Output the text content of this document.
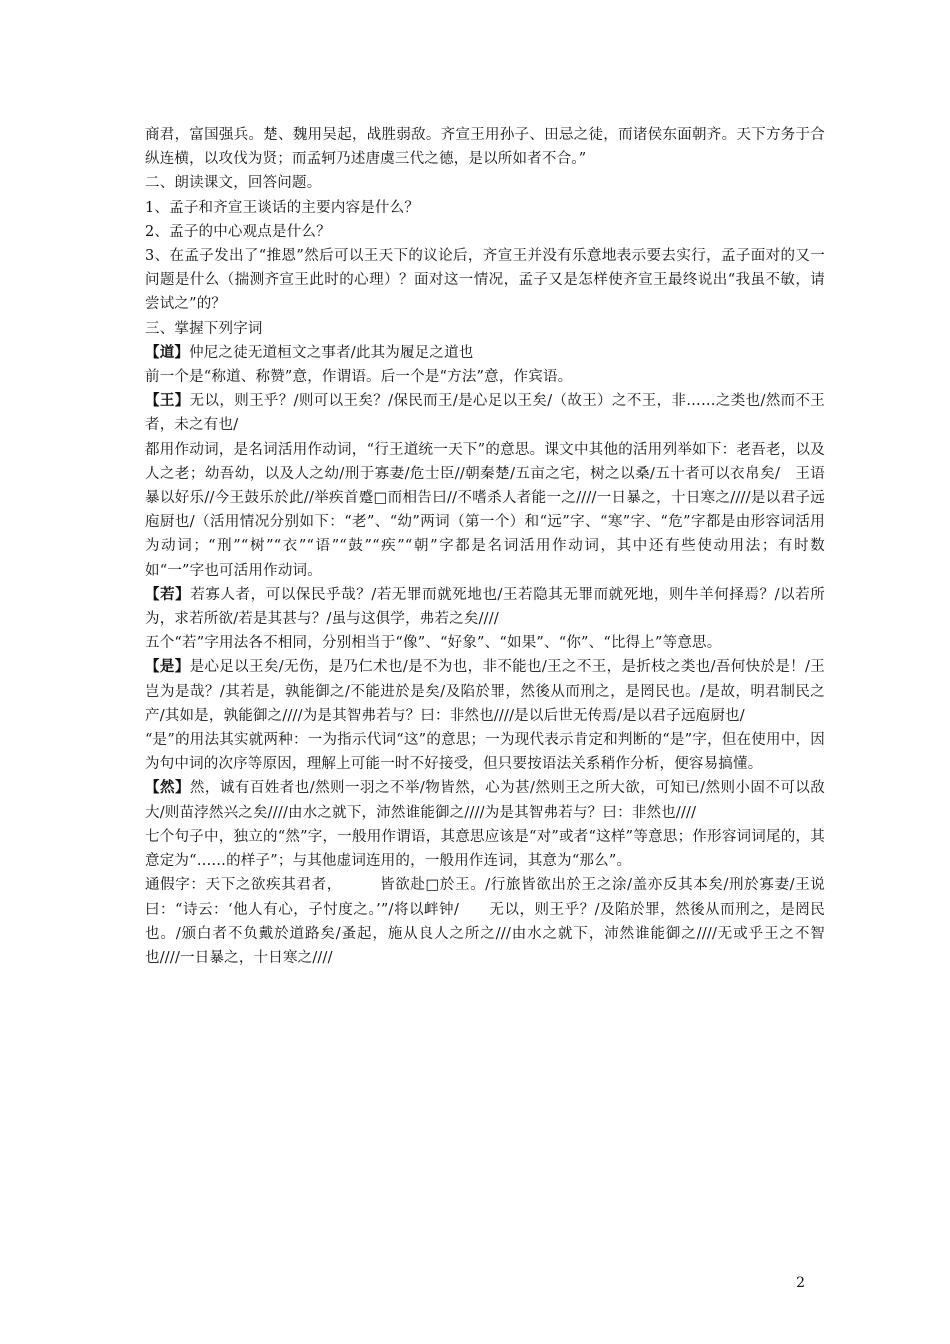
商君，富国强兵。楚、魏用吴起，战胜弱敌。齐宣王用孙子、田忌之徒，而诸侯东面朝齐。天下方务于合纵连横，以攻伐为贤；而孟轲乃述唐虞三代之德，是以所如者不合。”

二、朗读课文，回答问题。

1、孟子和齐宣王谈话的主要内容是什么？

2、孟子的中心观点是什么？

3、在孟子发出了“推恩”然后可以王天下的议论后，齐宣王并没有乐意地表示要去实行，孟子面对的又一问题是什么（揣测齐宣王此时的心理）？面对这一情况，孟子又是怎样使齐宣王最终说出“我虽不敏，请尝试之”的？

三、掌握下列字词

【道】仲尼之徒无道桓文之事者/此其为履足之道也

前一个是“称道、称赞”意，作谓语。后一个是“方法”意，作宾语。

【王】无以，则王乎？/则可以王矣？/保民而王/是心足以王矣/（故王）之不王，非……之类也/然而不王者，未之有也/

都用作动词，是名词活用作动词，“行王道统一天下”的意思。课文中其他的活用列举如下：老吾老，以及人之老；幼吾幼，以及人之幼/刑于寡妻/危士臣//朝秦楚/五亩之宅，树之以桑/五十者可以衣帛矣/　王语暴以好乐//今王鼓乐於此//举疾首蹙□而相告曰//不嗜杀人者能一之////一日暴之，十日寒之////是以君子远庖厨也/（活用情况分别如下：“老”、“幼”两词（第一个）和“远”字、“寒”字、“危”字都是由形容词活用为动词；“刑”“树”“衣”“语”“鼓”“疾”“朝”字都是名词活用作动词，其中还有些使动用法；有时数如“一”字也可活用作动词。

【若】若寡人者，可以保民乎哉？/若无罪而就死地也/王若隐其无罪而就死地，则牛羊何择焉？/以若所为，求若所欲/若是其甚与？/虽与这俱学，弗若之矣////

五个“若”字用法各不相同，分别相当于“像”、“好象”、“如果”、“你”、“比得上”等意思。

【是】是心足以王矣/无伤，是乃仁术也/是不为也，非不能也/王之不王，是折枝之类也/吾何快於是！/王岂为是哉？/其若是，孰能御之/不能进於是矣/及陷於罪，然後从而刑之，是罔民也。/是故，明君制民之产/其如是，孰能御之////为是其智弗若与？曰：非然也////是以后世无传焉/是以君子远庖厨也/

“是”的用法其实就两种：一为指示代词“这”的意思；一为现代表示肯定和判断的“是”字，但在使用中，因为句中词的次序等原因，理解上可能一时不好接受，但只要按语法关系稍作分析，便容易搞懂。

【然】然，诚有百姓者也/然则一羽之不举/物皆然，心为甚/然则王之所大欲，可知已/然则小固不可以敌大/则苗浡然兴之矣////由水之就下，沛然谁能御之////为是其智弗若与？曰：非然也////

七个句子中，独立的“然”字，一般用作谓语，其意思应该是“对”或者“这样”等意思；作形容词词尾的，其意定为“……的样子”；与其他虚词连用的，一般用作连词，其意为“那么”。

通假字：天下之欲疾其君者，　　　皆欲赴□於王。/行旅皆欲出於王之涂/盖亦反其本矣/刑於寡妻/王说曰：“诗云：‘他人有心，子忖度之。’”/将以衅钟/　　无以，则王乎？/及陷於罪，然後从而刑之，是罔民也。/颁白者不负戴於道路矣/蚤起，施从良人之所之///由水之就下，沛然谁能御之////无或乎王之不智也////一日暴之，十日寒之////

2
